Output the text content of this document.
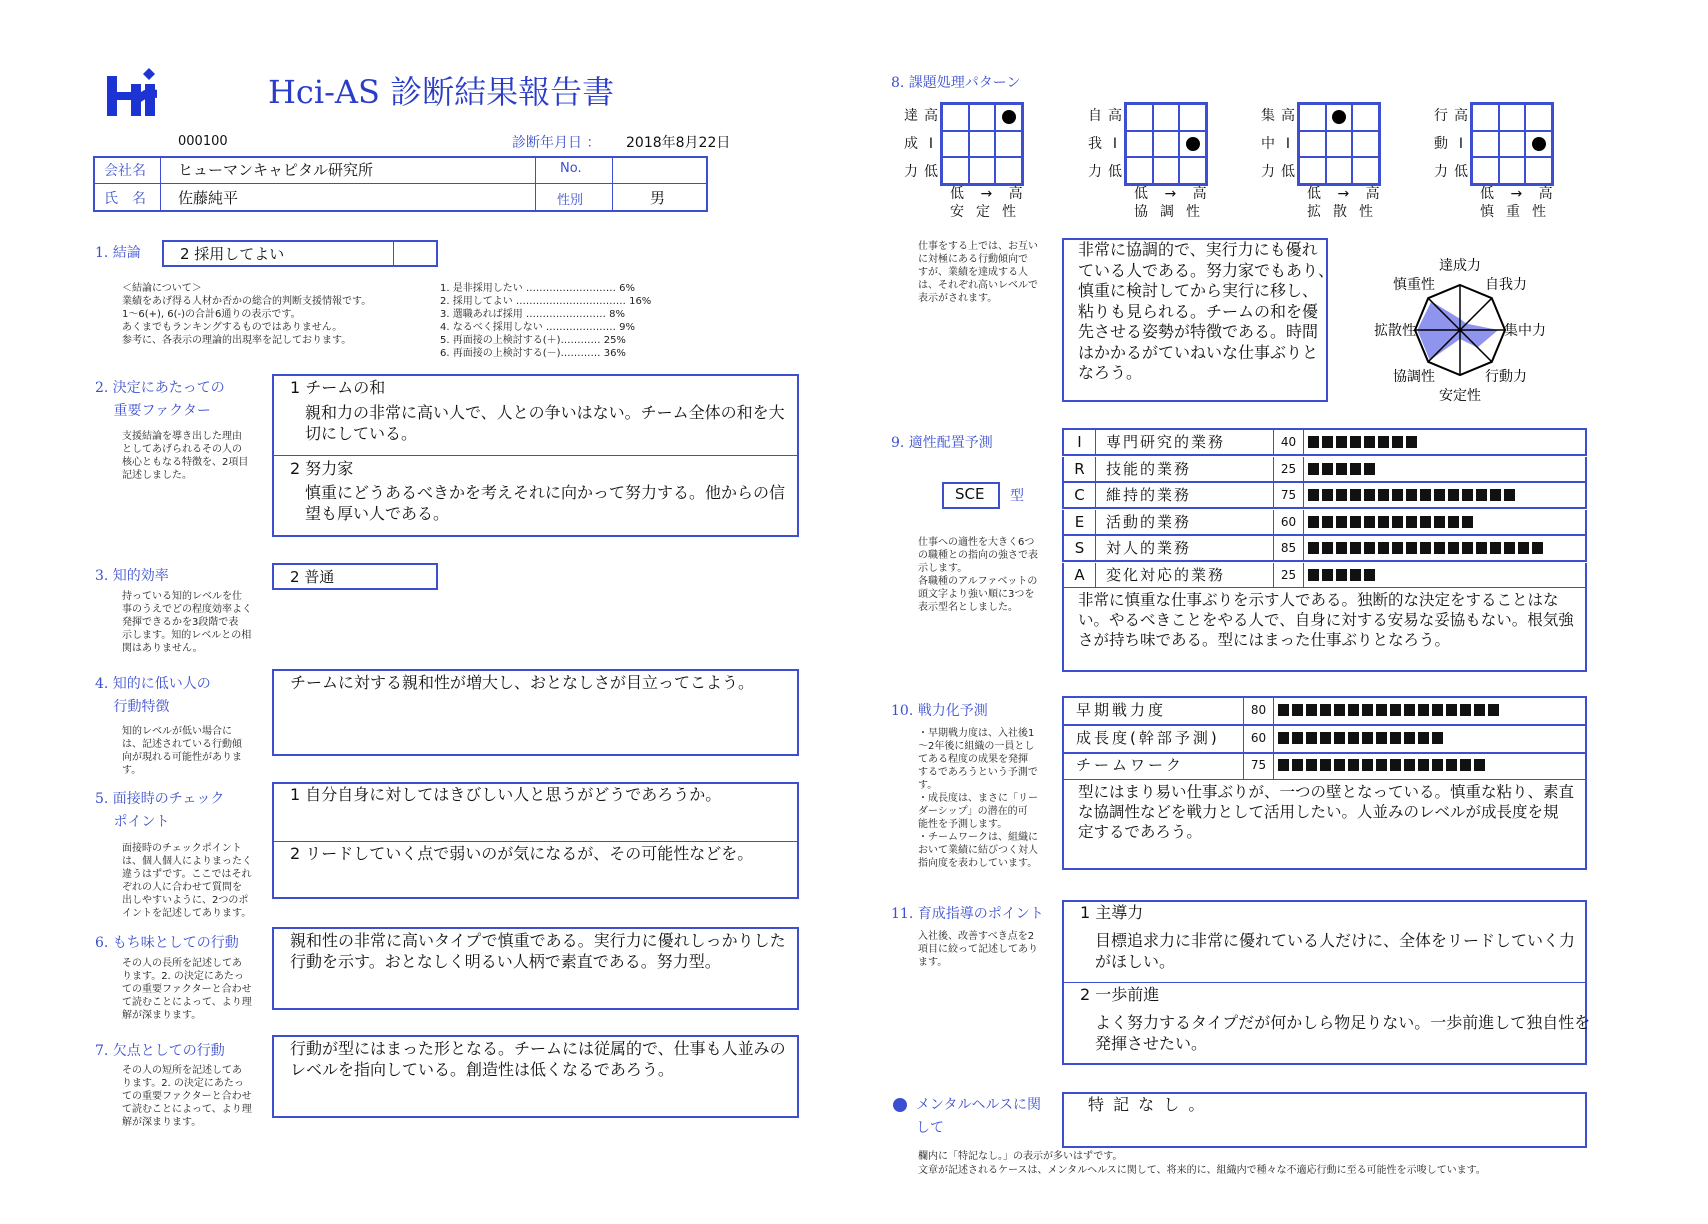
Hci-AS 診断結果報告書
000100	診断年月日 ： 2018年8月22日
会社名 ヒューマンキャピタル研究所	No.
氏　名 佐藤純平	性別	男
1. 結論	2 採用してよい
＜結論について＞
業績をあげ得る人材か否かの総合的判断支援情報です。
1～6(+), 6(-)の合計6通りの表示です。
あくまでもランキングするものではありません。
参考に、各表示の理論的出現率を記しております。
1. 是非採用したい ……………………… 6%
2. 採用してよい …………………………… 16%
3. 選職あれば採用 …………………… 8%
4. なるべく採用しない ………………… 9%
5. 再面接の上検討する(＋)………… 25%
6. 再面接の上検討する(－)………… 36%
2. 決定にあたっての
　 重要ファクター
支援結論を導き出した理由
としてあげられるその人の
核心ともなる特徴を、2項目
記述しました。
1 チームの和
親和力の非常に高い人で、人との争いはない。チーム全体の和を大
切にしている。
2 努力家
慎重にどうあるべきかを考えそれに向かって努力する。他からの信
望も厚い人である。
3. 知的効率	2 普通
持っている知的レベルを仕
事のうえでどの程度効率よく
発揮できるかを3段階で表
示します。知的レベルとの相
関はありません。
4. 知的に低い人の
　 行動特徴
知的レベルが低い場合に
は、記述されている行動傾
向が現れる可能性がありま
す。
チームに対する親和性が増大し、おとなしさが目立ってこよう。
5. 面接時のチェック
　 ポイント
面接時のチェックポイント
は、個人個人によりまったく
違うはずです。ここではそれ
ぞれの人に合わせて質問を
出しやすいように、2つのポ
イントを記述してあります。
1 自分自身に対してはきびしい人と思うがどうであろうか。
2 リードしていく点で弱いのが気になるが、その可能性などを。
6. もち味としての行動
その人の長所を記述してあ
ります。2. の決定にあたっ
ての重要ファクターと合わせ
て読むことによって、より理
解が深まります。
親和性の非常に高いタイプで慎重である。実行力に優れしっかりした
行動を示す。おとなしく明るい人柄で素直である。努力型。
7. 欠点としての行動
その人の短所を記述してあ
ります。2. の決定にあたっ
ての重要ファクターと合わせ
て読むことによって、より理
解が深まります。
行動が型にはまった形となる。チームには従属的で、仕事も人並みの
レベルを指向している。創造性は低くなるであろう。
8. 課題処理パターン
達
成
力
高
Ⅰ
低
低 → 高
安定性
自
我
力
高
Ⅰ
低
低 → 高
協調性
集
中
力
高
Ⅰ
低
低 → 高
拡散性
行
動
力
高
Ⅰ
低
低 → 高
慎重性
仕事をする上では、お互い
に対極にある行動傾向で
すが、業績を達成する人
は、それぞれ高いレベルで
表示がされます。
非常に協調的で、実行力にも優れ
ている人である。努力家でもあり、
慎重に検討してから実行に移し、
粘りも見られる。チームの和を優
先させる姿勢が特徴である。時間
はかかるがていねいな仕事ぶりと
なろう。
達成力
自我力
集中力
行動力
安定性
協調性
拡散性
慎重性
9. 適性配置予測
SCE 型
仕事への適性を大きく6つ
の職種との指向の強さで表
示します。
各職種のアルファベットの
頭文字より強い順に3つを
表示型名としました。
I	専門研究的業務	40
R	技能的業務	25
C	維持的業務	75
E	活動的業務	60
S	対人的業務	85
A	変化対応的業務	25
非常に慎重な仕事ぶりを示す人である。独断的な決定をすることはな
い。やるべきことをやる人で、自身に対する安易な妥協もない。根気強
さが持ち味である。型にはまった仕事ぶりとなろう。
10. 戦力化予測
・早期戦力度は、入社後1
～2年後に組織の一員とし
てある程度の成果を発揮
するであろうという予測で
す。
・成長度は、まさに「リー
ダーシップ」の潜在的可
能性を予測します。
・チームワークは、組織に
おいて業績に結びつく対人
指向度を表わしています。
早期戦力度	80
成長度(幹部予測)	60
チームワーク	75
型にはまり易い仕事ぶりが、一つの壁となっている。慎重な粘り、素直
な協調性などを戦力として活用したい。人並みのレベルが成長度を規
定するであろう。
11. 育成指導のポイント
入社後、改善すべき点を2
項目に絞って記述してあり
ます。
1 主導力
目標追求力に非常に優れている人だけに、全体をリードしていく力
がほしい。
2 一歩前進
よく努力するタイプだが何かしら物足りない。一歩前進して独自性を
発揮させたい。
メンタルヘルスに関
して
特 記 な し 。
欄内に「特記なし。」の表示が多いはずです。
文章が記述されるケースは、メンタルヘルスに関して、将来的に、組織内で種々な不適応行動に至る可能性を示唆しています。
